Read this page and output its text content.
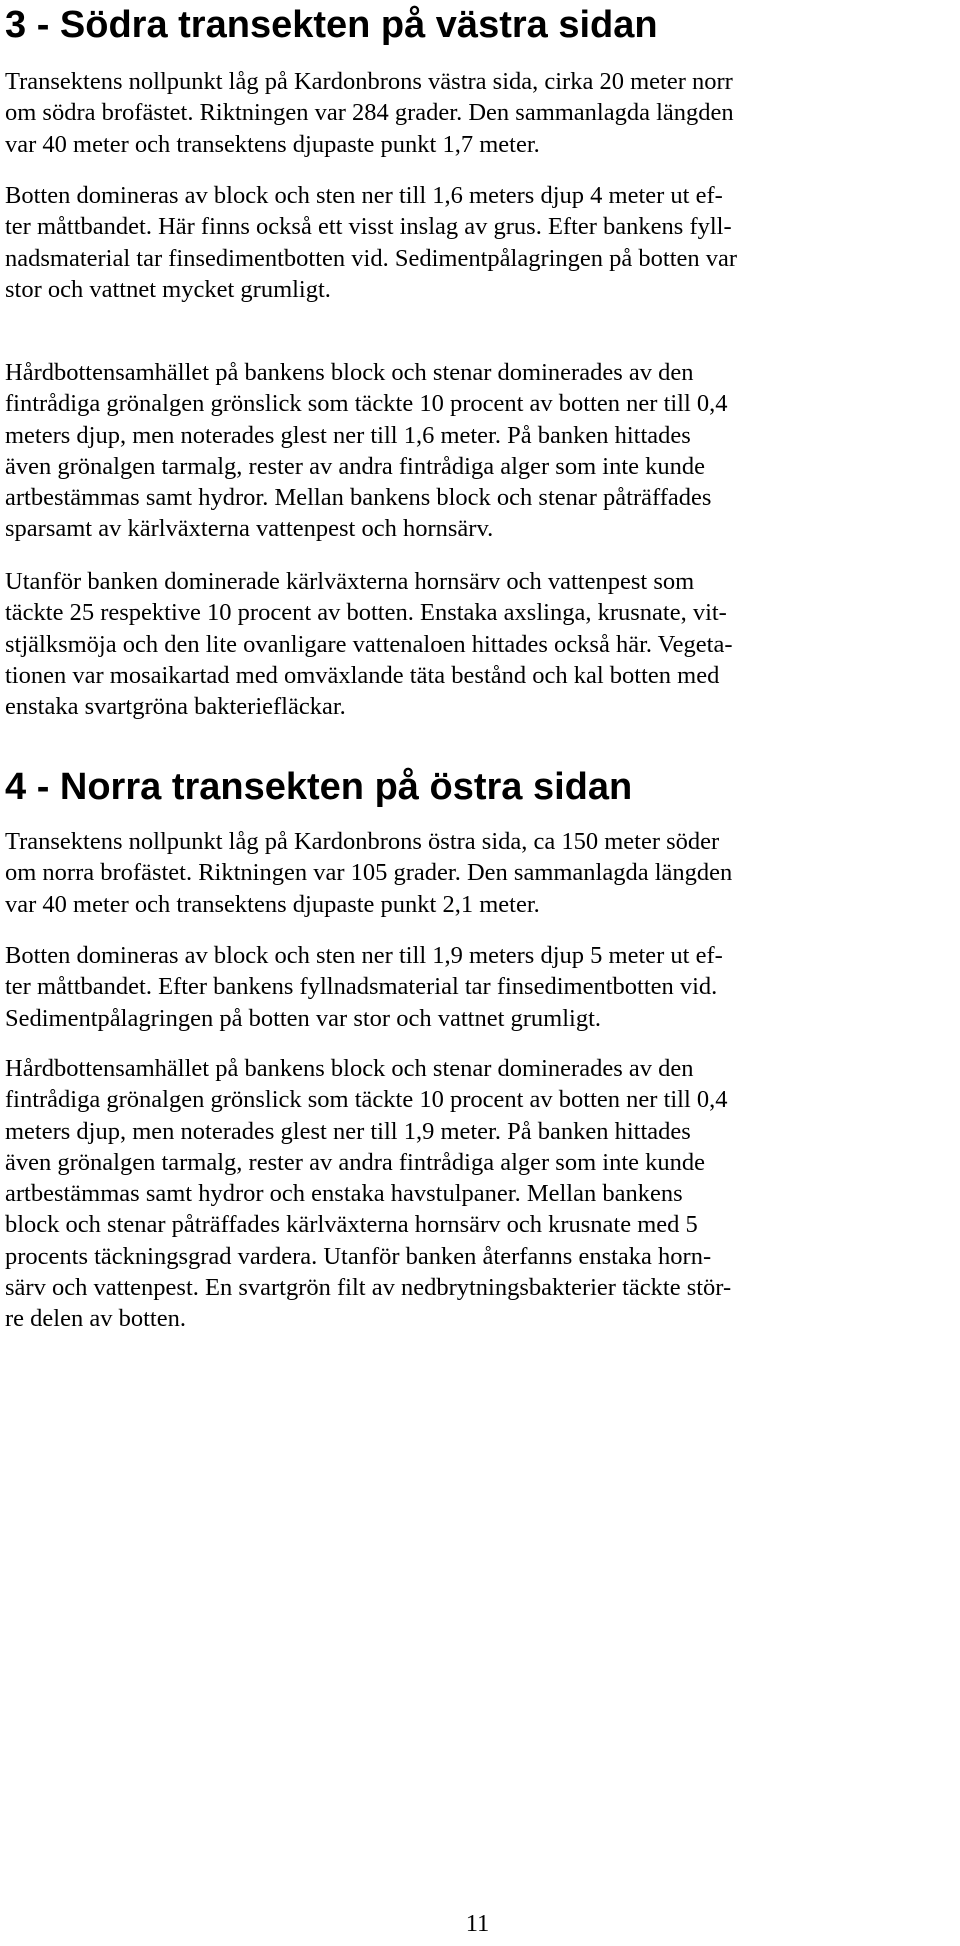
3 - Södra transekten på västra sidan

Transektens nollpunkt låg på Kardonbrons västra sida, cirka 20 meter norr
om södra brofästet. Riktningen var 284 grader. Den sammanlagda längden
var 40 meter och transektens djupaste punkt 1,7 meter.

Botten domineras av block och sten ner till 1,6 meters djup 4 meter ut ef-
ter måttbandet. Här finns också ett visst inslag av grus. Efter bankens fyll-
nadsmaterial tar finsedimentbotten vid. Sedimentpålagringen på botten var
stor och vattnet mycket grumligt.

Hårdbottensamhället på bankens block och stenar dominerades av den
fintrådiga grönalgen grönslick som täckte 10 procent av botten ner till 0,4
meters djup, men noterades glest ner till 1,6 meter. På banken hittades
även grönalgen tarmalg, rester av andra fintrådiga alger som inte kunde
artbestämmas samt hydror. Mellan bankens block och stenar påträffades
sparsamt av kärlväxterna vattenpest och hornsärv.

Utanför banken dominerade kärlväxterna hornsärv och vattenpest som
täckte 25 respektive 10 procent av botten. Enstaka axslinga, krusnate, vit-
stjälksmöja och den lite ovanligare vattenaloen hittades också här. Vegeta-
tionen var mosaikartad med omväxlande täta bestånd och kal botten med
enstaka svartgröna bakteriefläckar.

4 - Norra transekten på östra sidan

Transektens nollpunkt låg på Kardonbrons östra sida, ca 150 meter söder
om norra brofästet. Riktningen var 105 grader. Den sammanlagda längden
var 40 meter och transektens djupaste punkt 2,1 meter.

Botten domineras av block och sten ner till 1,9 meters djup 5 meter ut ef-
ter måttbandet. Efter bankens fyllnadsmaterial tar finsedimentbotten vid.
Sedimentpålagringen på botten var stor och vattnet grumligt.

Hårdbottensamhället på bankens block och stenar dominerades av den
fintrådiga grönalgen grönslick som täckte 10 procent av botten ner till 0,4
meters djup, men noterades glest ner till 1,9 meter. På banken hittades
även grönalgen tarmalg, rester av andra fintrådiga alger som inte kunde
artbestämmas samt hydror och enstaka havstulpaner. Mellan bankens
block och stenar påträffades kärlväxterna hornsärv och krusnate med 5
procents täckningsgrad vardera. Utanför banken återfanns enstaka horn-
särv och vattenpest. En svartgrön filt av nedbrytningsbakterier täckte stör-
re delen av botten.

11
